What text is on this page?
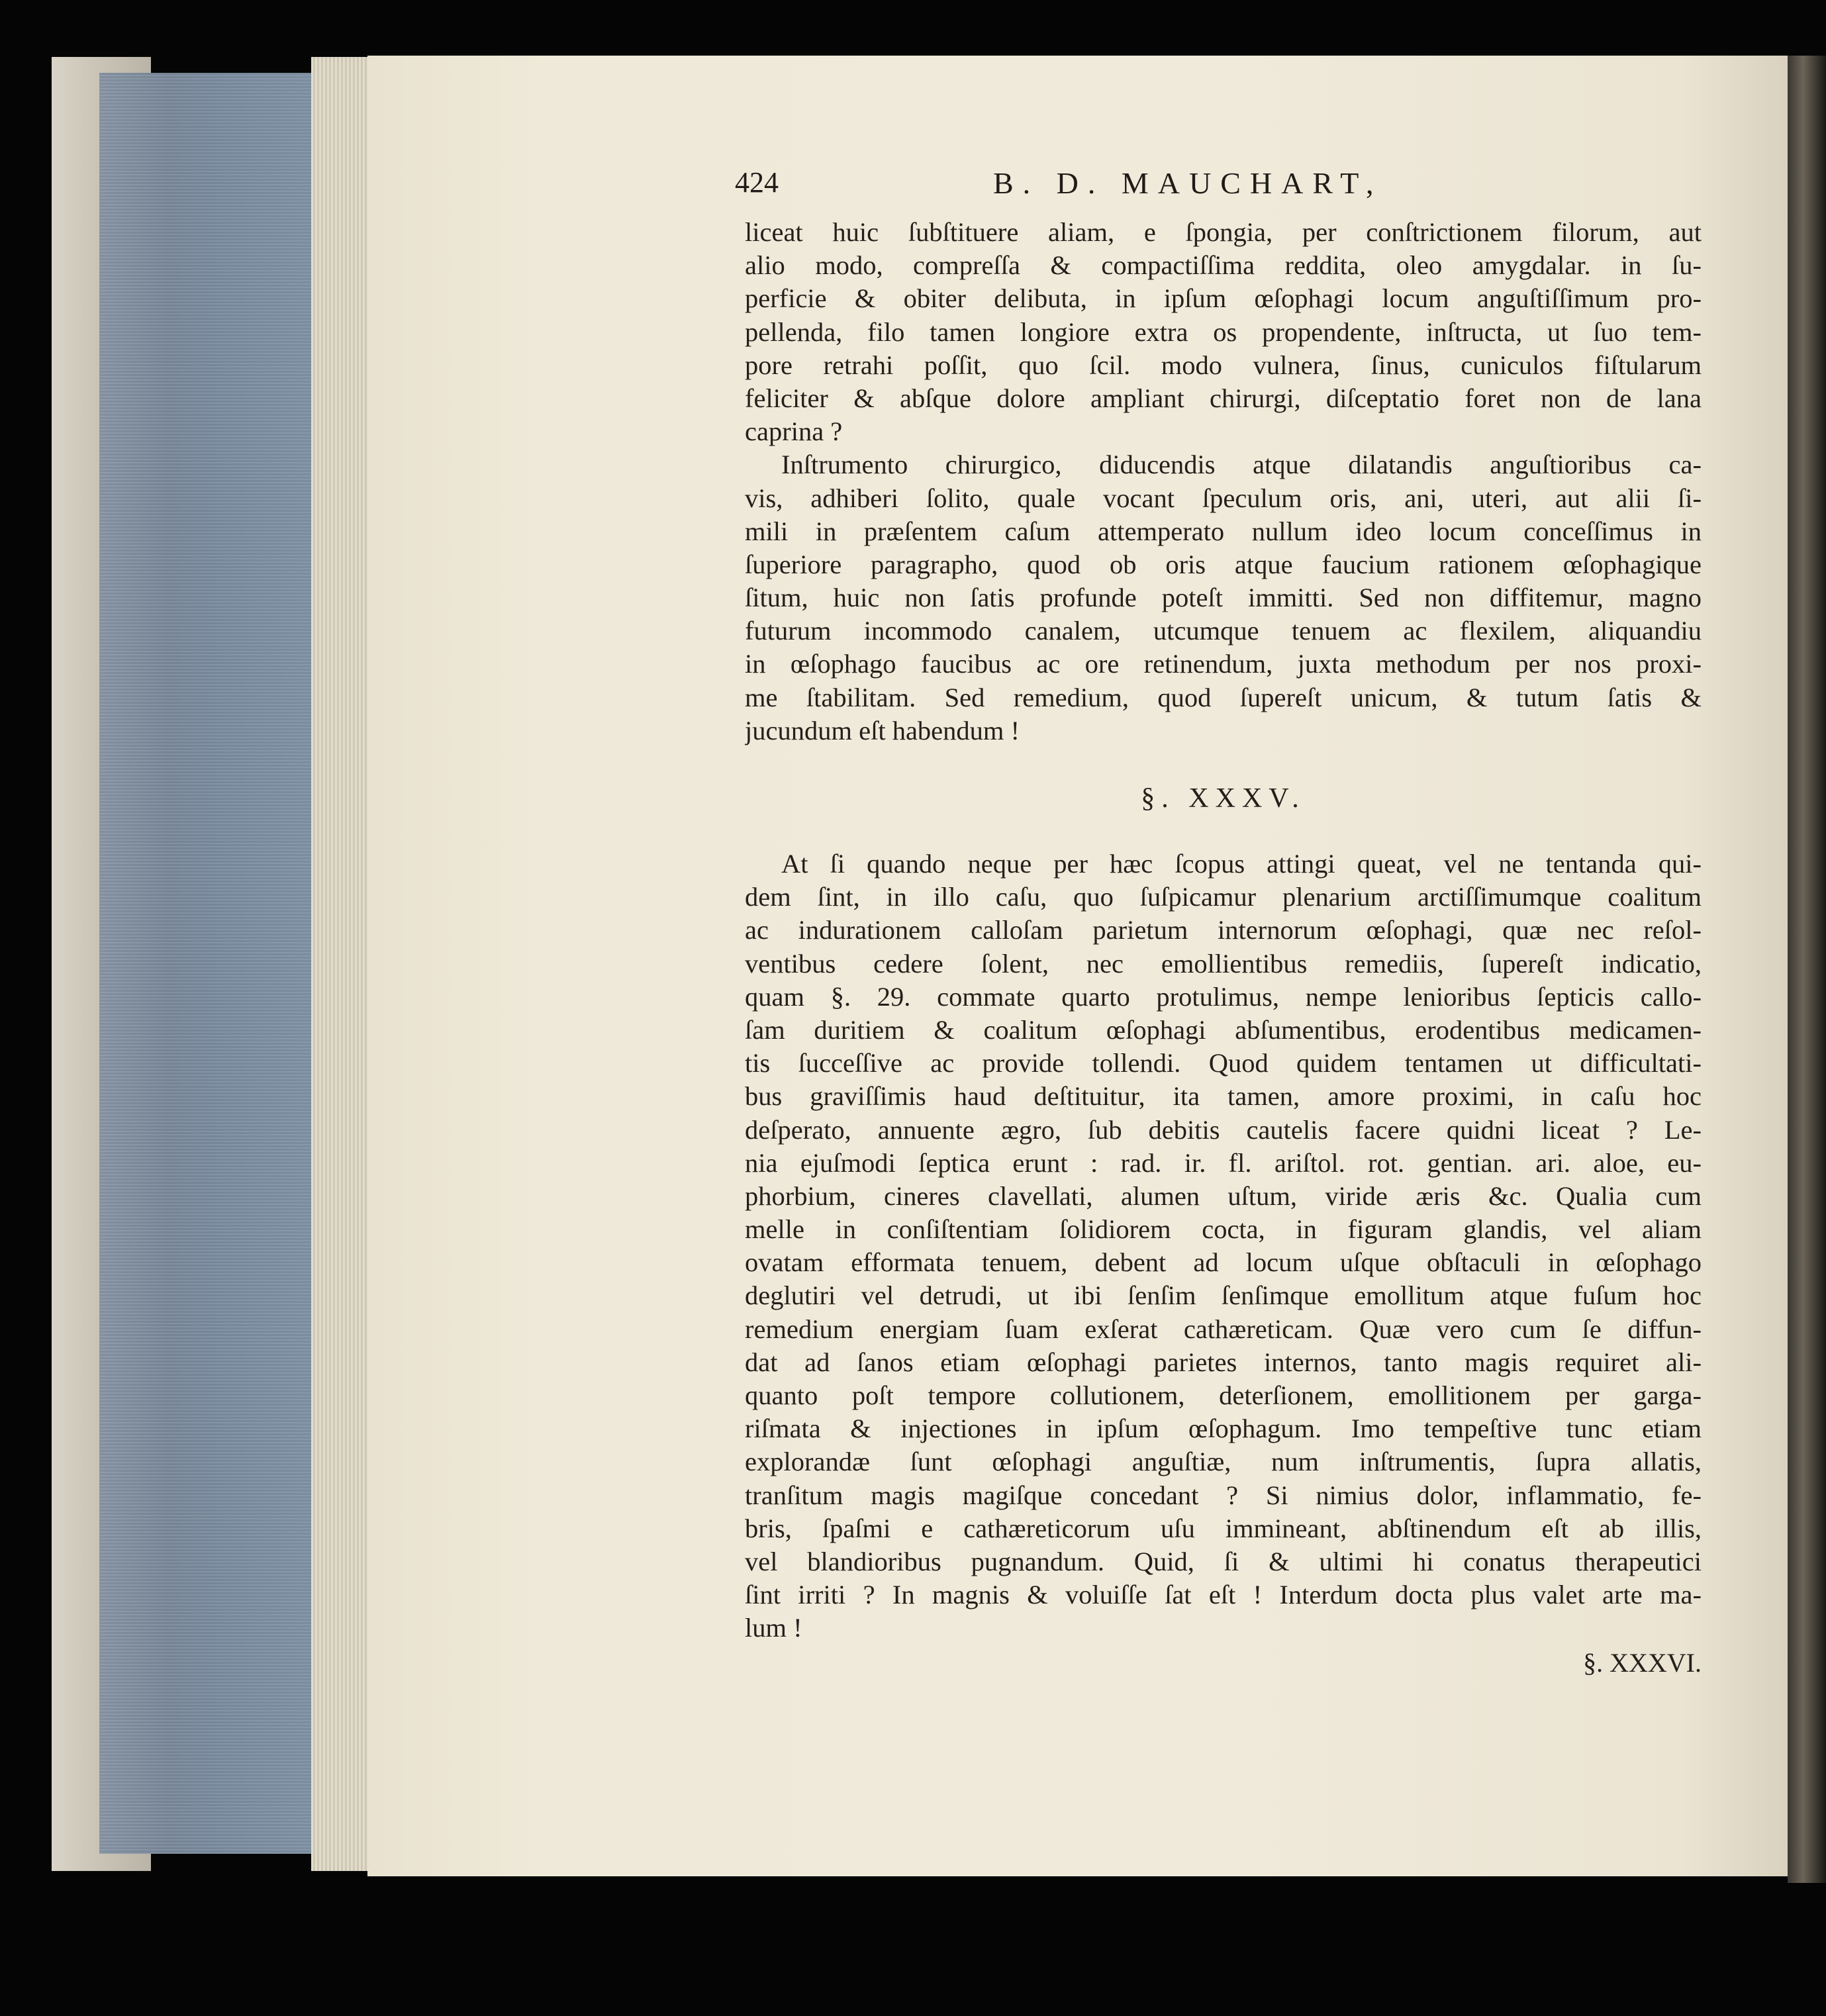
424	B. D. MAUCHART,
liceat huic ſubſtituere aliam, e ſpongia, per conſtrictionem filorum, aut
alio modo, compreſſa & compactiſſima reddita, oleo amygdalar. in ſu-
perficie & obiter delibuta, in ipſum œſophagi locum anguſtiſſimum pro-
pellenda, filo tamen longiore extra os propendente, inſtructa, ut ſuo tem-
pore retrahi poſſit, quo ſcil. modo vulnera, ſinus, cuniculos fiſtularum
feliciter & abſque dolore ampliant chirurgi, diſceptatio foret non de lana
caprina ?
Inſtrumento chirurgico, diducendis atque dilatandis anguſtioribus ca-
vis, adhiberi ſolito, quale vocant ſpeculum oris, ani, uteri, aut alii ſi-
mili in præſentem caſum attemperato nullum ideo locum conceſſimus in
ſuperiore paragrapho, quod ob oris atque faucium rationem œſophagique
ſitum, huic non ſatis profunde poteſt immitti. Sed non diffitemur, magno
futurum incommodo canalem, utcumque tenuem ac flexilem, aliquandiu
in œſophago faucibus ac ore retinendum, juxta methodum per nos proxi-
me ſtabilitam. Sed remedium, quod ſupereſt unicum, & tutum ſatis &
jucundum eſt habendum !
§. XXXV.
At ſi quando neque per hæc ſcopus attingi queat, vel ne tentanda qui-
dem ſint, in illo caſu, quo ſuſpicamur plenarium arctiſſimumque coalitum
ac indurationem calloſam parietum internorum œſophagi, quæ nec reſol-
ventibus cedere ſolent, nec emollientibus remediis, ſupereſt indicatio,
quam §. 29. commate quarto protulimus, nempe lenioribus ſepticis callo-
ſam duritiem & coalitum œſophagi abſumentibus, erodentibus medicamen-
tis ſucceſſive ac provide tollendi. Quod quidem tentamen ut difficultati-
bus graviſſimis haud deſtituitur, ita tamen, amore proximi, in caſu hoc
deſperato, annuente ægro, ſub debitis cautelis facere quidni liceat ? Le-
nia ejuſmodi ſeptica erunt : rad. ir. fl. ariſtol. rot. gentian. ari. aloe, eu-
phorbium, cineres clavellati, alumen uſtum, viride æris &c. Qualia cum
melle in conſiſtentiam ſolidiorem cocta, in figuram glandis, vel aliam
ovatam efformata tenuem, debent ad locum uſque obſtaculi in œſophago
deglutiri vel detrudi, ut ibi ſenſim ſenſimque emollitum atque fuſum hoc
remedium energiam ſuam exſerat cathæreticam. Quæ vero cum ſe diffun-
dat ad ſanos etiam œſophagi parietes internos, tanto magis requiret ali-
quanto poſt tempore collutionem, deterſionem, emollitionem per garga-
riſmata & injectiones in ipſum œſophagum. Imo tempeſtive tunc etiam
explorandæ ſunt œſophagi anguſtiæ, num inſtrumentis, ſupra allatis,
tranſitum magis magiſque concedant ? Si nimius dolor, inflammatio, fe-
bris, ſpaſmi e cathæreticorum uſu immineant, abſtinendum eſt ab illis,
vel blandioribus pugnandum. Quid, ſi & ultimi hi conatus therapeutici
ſint irriti ? In magnis & voluiſſe ſat eſt ! Interdum docta plus valet arte ma-
lum !
§. XXXVI.
